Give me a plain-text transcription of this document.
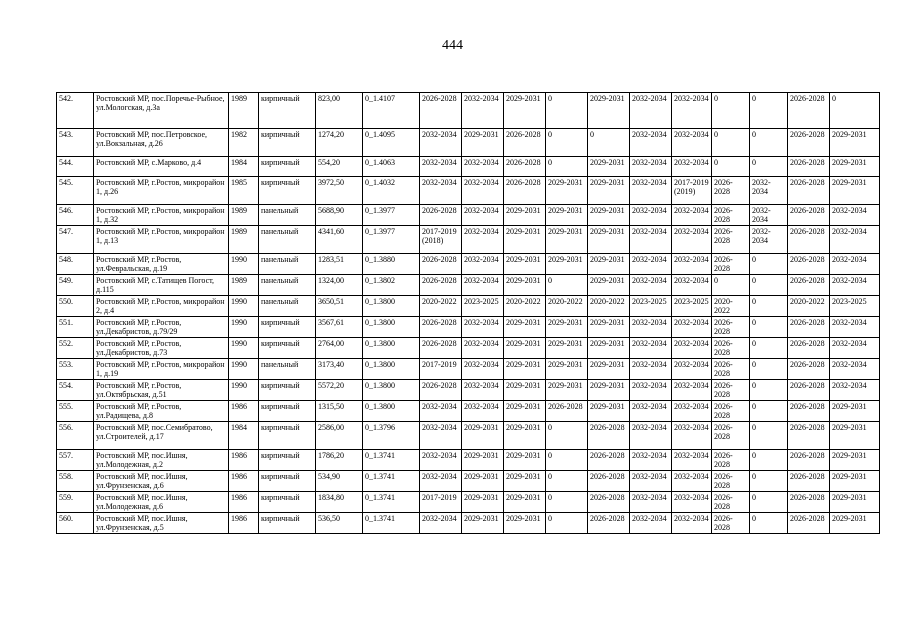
444
542.	Ростовский МР, пос.Поречье-Рыбное, ул.Мологская, д.3а	1989	кирпичный	823,00	0_1.4107	2026-2028	2032-2034	2029-2031	0	2029-2031	2032-2034	2032-2034	0	0	2026-2028	0
543.	Ростовский МР, пос.Петровское, ул.Вокзальная, д.26	1982	кирпичный	1274,20	0_1.4095	2032-2034	2029-2031	2026-2028	0	0	2032-2034	2032-2034	0	0	2026-2028	2029-2031
544.	Ростовский МР, с.Марково, д.4	1984	кирпичный	554,20	0_1.4063	2032-2034	2032-2034	2026-2028	0	2029-2031	2032-2034	2032-2034	0	0	2026-2028	2029-2031
545.	Ростовский МР, г.Ростов, микрорайон 1, д.26	1985	кирпичный	3972,50	0_1.4032	2032-2034	2032-2034	2026-2028	2029-2031	2029-2031	2032-2034	2017-2019 (2019)	2026-2028	2032-2034	2026-2028	2029-2031
546.	Ростовский МР, г.Ростов, микрорайон 1, д.32	1989	панельный	5688,90	0_1.3977	2026-2028	2032-2034	2029-2031	2029-2031	2029-2031	2032-2034	2032-2034	2026-2028	2032-2034	2026-2028	2032-2034
547.	Ростовский МР, г.Ростов, микрорайон 1, д.13	1989	панельный	4341,60	0_1.3977	2017-2019 (2018)	2032-2034	2029-2031	2029-2031	2029-2031	2032-2034	2032-2034	2026-2028	2032-2034	2026-2028	2032-2034
548.	Ростовский МР, г.Ростов, ул.Февральская, д.19	1990	панельный	1283,51	0_1.3880	2026-2028	2032-2034	2029-2031	2029-2031	2029-2031	2032-2034	2032-2034	2026-2028	0	2026-2028	2032-2034
549.	Ростовский МР, с.Татищев Погост, д.115	1989	панельный	1324,00	0_1.3802	2026-2028	2032-2034	2029-2031	0	2029-2031	2032-2034	2032-2034	0	0	2026-2028	2032-2034
550.	Ростовский МР, г.Ростов, микрорайон 2, д.4	1990	панельный	3650,51	0_1.3800	2020-2022	2023-2025	2020-2022	2020-2022	2020-2022	2023-2025	2023-2025	2020-2022	0	2020-2022	2023-2025
551.	Ростовский МР, г.Ростов, ул.Декабристов, д.79/29	1990	кирпичный	3567,61	0_1.3800	2026-2028	2032-2034	2029-2031	2029-2031	2029-2031	2032-2034	2032-2034	2026-2028	0	2026-2028	2032-2034
552.	Ростовский МР, г.Ростов, ул.Декабристов, д.73	1990	кирпичный	2764,00	0_1.3800	2026-2028	2032-2034	2029-2031	2029-2031	2029-2031	2032-2034	2032-2034	2026-2028	0	2026-2028	2032-2034
553.	Ростовский МР, г.Ростов, микрорайон 1, д.19	1990	панельный	3173,40	0_1.3800	2017-2019	2032-2034	2029-2031	2029-2031	2029-2031	2032-2034	2032-2034	2026-2028	0	2026-2028	2032-2034
554.	Ростовский МР, г.Ростов, ул.Октябрьская, д.51	1990	кирпичный	5572,20	0_1.3800	2026-2028	2032-2034	2029-2031	2029-2031	2029-2031	2032-2034	2032-2034	2026-2028	0	2026-2028	2032-2034
555.	Ростовский МР, г.Ростов, ул.Радищева, д.8	1986	кирпичный	1315,50	0_1.3800	2032-2034	2032-2034	2029-2031	2026-2028	2029-2031	2032-2034	2032-2034	2026-2028	0	2026-2028	2029-2031
556.	Ростовский МР, пос.Семибратово, ул.Строителей, д.17	1984	кирпичный	2586,00	0_1.3796	2032-2034	2029-2031	2029-2031	0	2026-2028	2032-2034	2032-2034	2026-2028	0	2026-2028	2029-2031
557.	Ростовский МР, пос.Ишня, ул.Молодежная, д.2	1986	кирпичный	1786,20	0_1.3741	2032-2034	2029-2031	2029-2031	0	2026-2028	2032-2034	2032-2034	2026-2028	0	2026-2028	2029-2031
558.	Ростовский МР, пос.Ишня, ул.Фрунзенская, д.6	1986	кирпичный	534,90	0_1.3741	2032-2034	2029-2031	2029-2031	0	2026-2028	2032-2034	2032-2034	2026-2028	0	2026-2028	2029-2031
559.	Ростовский МР, пос.Ишня, ул.Молодежная, д.6	1986	кирпичный	1834,80	0_1.3741	2017-2019	2029-2031	2029-2031	0	2026-2028	2032-2034	2032-2034	2026-2028	0	2026-2028	2029-2031
560.	Ростовский МР, пос.Ишня, ул.Фрунзенская, д.5	1986	кирпичный	536,50	0_1.3741	2032-2034	2029-2031	2029-2031	0	2026-2028	2032-2034	2032-2034	2026-2028	0	2026-2028	2029-2031
